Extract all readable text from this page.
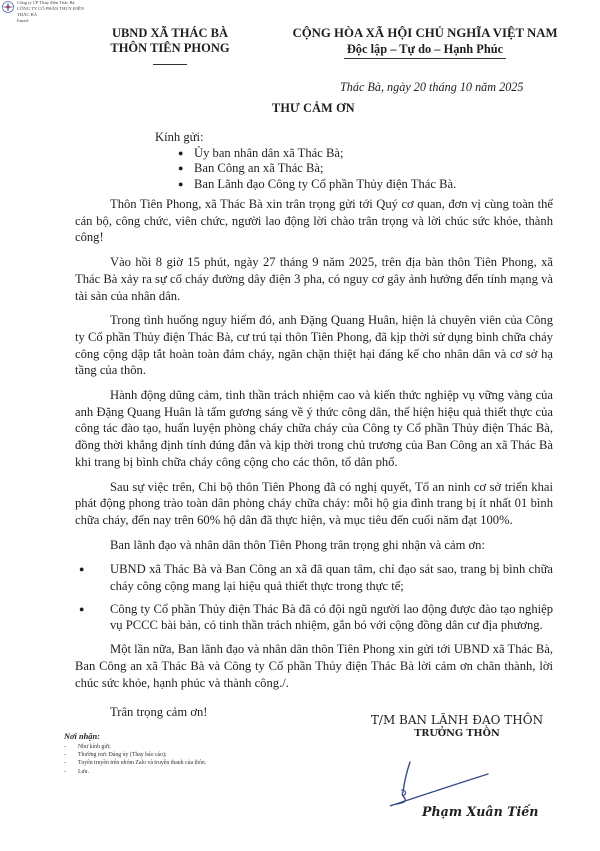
Công ty CP Thủy điện Thác Bà
CÔNG TY CỔ PHẦN THỦY ĐIỆN
THÁC BÀ
Email:
UBND XÃ THÁC BÀ
THÔN TIÊN PHONG
CỘNG HÒA XÃ HỘI CHỦ NGHĨA VIỆT NAM
Độc lập – Tự do – Hạnh Phúc
Thác Bà, ngày 20 tháng 10 năm 2025
THƯ CẢM ƠN
Kính gửi:
● Ủy ban nhân dân xã Thác Bà;
● Ban Công an xã Thác Bà;
● Ban Lãnh đạo Công ty Cổ phần Thủy điện Thác Bà.

Thôn Tiên Phong, xã Thác Bà xin trân trọng gửi tới Quý cơ quan, đơn vị cùng toàn thể cán bộ, công chức, viên chức, người lao động lời chào trân trọng và lời chúc sức khỏe, thành công!

Vào hồi 8 giờ 15 phút, ngày 27 tháng 9 năm 2025, trên địa bàn thôn Tiên Phong, xã Thác Bà xảy ra sự cố cháy đường dây điện 3 pha, có nguy cơ gây ảnh hưởng đến tính mạng và tài sản của nhân dân.

Trong tình huống nguy hiểm đó, anh Đặng Quang Huân, hiện là chuyên viên của Công ty Cổ phần Thủy điện Thác Bà, cư trú tại thôn Tiên Phong, đã kịp thời sử dụng bình chữa cháy công cộng dập tắt hoàn toàn đám cháy, ngăn chặn thiệt hại đáng kể cho nhân dân và cơ sở hạ tầng của thôn.

Hành động dũng cảm, tinh thần trách nhiệm cao và kiến thức nghiệp vụ vững vàng của anh Đặng Quang Huân là tấm gương sáng về ý thức công dân, thể hiện hiệu quả thiết thực của công tác đào tạo, huấn luyện phòng cháy chữa cháy của Công ty Cổ phần Thủy điện Thác Bà, đồng thời khẳng định tính đúng đắn và kịp thời trong chủ trương của Ban Công an xã Thác Bà khi trang bị bình chữa cháy công cộng cho các thôn, tổ dân phố.

Sau sự việc trên, Chi bộ thôn Tiên Phong đã có nghị quyết, Tổ an ninh cơ sở triển khai phát động phong trào toàn dân phòng cháy chữa cháy: mỗi hộ gia đình trang bị ít nhất 01 bình chữa cháy, đến nay trên 60% hộ dân đã thực hiện, và mục tiêu đến cuối năm đạt 100%.

Ban lãnh đạo và nhân dân thôn Tiên Phong trân trọng ghi nhận và cảm ơn:

●	UBND xã Thác Bà và Ban Công an xã đã quan tâm, chỉ đạo sát sao, trang bị bình chữa cháy công cộng mang lại hiệu quả thiết thực trong thực tế;
●	Công ty Cổ phần Thủy điện Thác Bà đã có đội ngũ người lao động được đào tạo nghiệp vụ PCCC bài bản, có tinh thần trách nhiệm, gắn bó với cộng đồng dân cư địa phương.

Một lần nữa, Ban lãnh đạo và nhân dân thôn Tiên Phong xin gửi tới UBND xã Thác Bà, Ban Công an xã Thác Bà và Công ty Cổ phần Thủy điện Thác Bà lời cảm ơn chân thành, lời chúc sức khỏe, hạnh phúc và thành công./.

Trân trọng cảm ơn!
Nơi nhận:
-	Như kính gửi;
-	Thường trực Đảng ủy (Thay báo cáo);
-	Tuyên truyền trên nhóm Zalo và truyền thanh của thôn.
-	Lưu.
T/M BAN LÃNH ĐẠO THÔN
TRƯỞNG THÔN
Phạm Xuân Tiến
